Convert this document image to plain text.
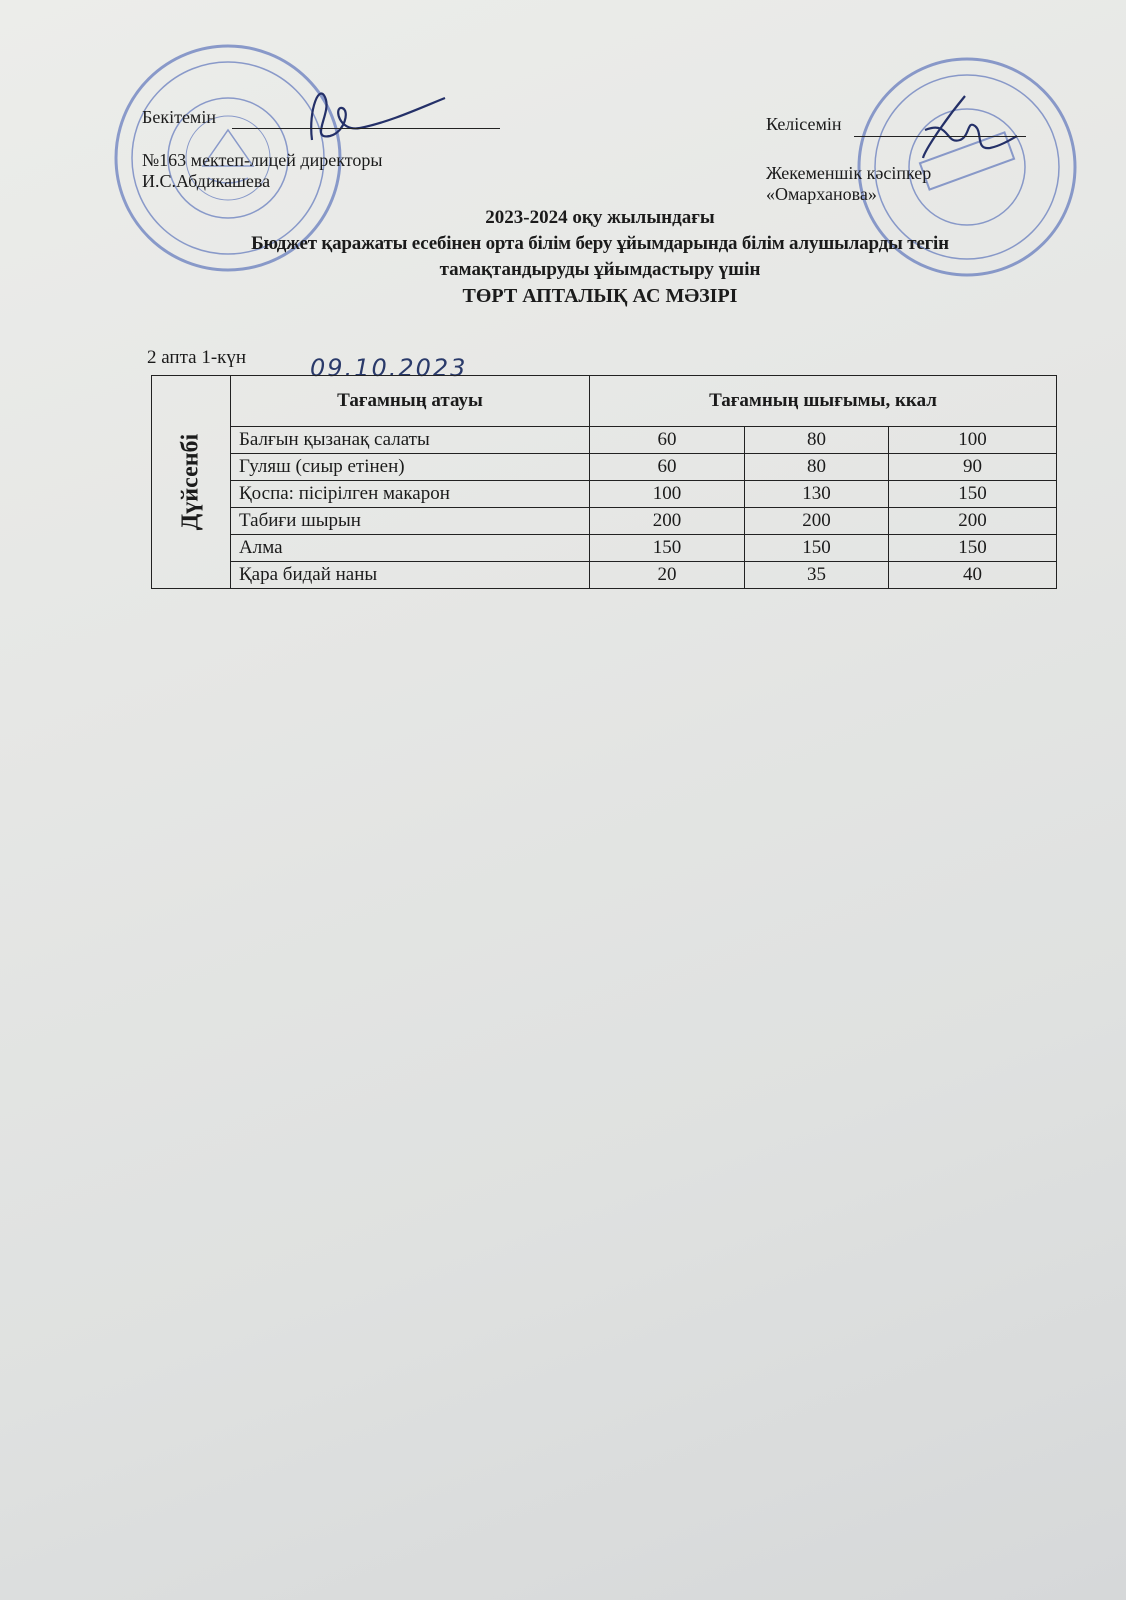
Бекітемін
№163 мектеп-лицей директоры
И.С.Абдикашева
Келісемін
Жекеменшік кәсіпкер
«Омарханова»
2023-2024 оқу жылындағы
Бюджет қаражаты есебінен орта білім беру ұйымдарында білім алушыларды тегін
тамақтандыруды ұйымдастыру үшін
ТӨРТ АПТАЛЫҚ АС МӘЗІРІ
2 апта 1-күн	09.10.2023
Дүйсенбі	Тағамның атауы	Тағамның шығымы, ккал		
	Балғын қызанақ салаты	60	80	100
	Гуляш (сиыр етінен)	60	80	90
	Қоспа: пісірілген макарон	100	130	150
	Табиғи шырын	200	200	200
	Алма	150	150	150
	Қара бидай наны	20	35	40
